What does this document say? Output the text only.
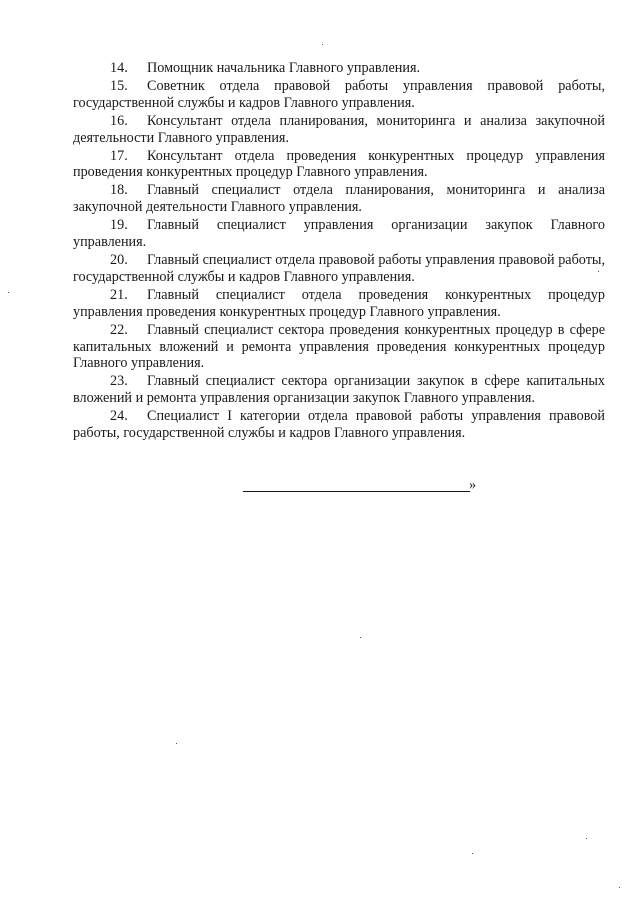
14. Помощник начальника Главного управления.

15. Советник отдела правовой работы управления правовой работы, государственной службы и кадров Главного управления.

16. Консультант отдела планирования, мониторинга и анализа закупочной деятельности Главного управления.

17. Консультант отдела проведения конкурентных процедур управления проведения конкурентных процедур Главного управления.

18. Главный специалист отдела планирования, мониторинга и анализа закупочной деятельности Главного управления.

19. Главный специалист управления организации закупок Главного управления.

20. Главный специалист отдела правовой работы управления правовой работы, государственной службы и кадров Главного управления.

21. Главный специалист отдела проведения конкурентных процедур управления проведения конкурентных процедур Главного управления.

22. Главный специалист сектора проведения конкурентных процедур в сфере капитальных вложений и ремонта управления проведения конкурентных процедур Главного управления.

23. Главный специалист сектора организации закупок в сфере капитальных вложений и ремонта управления организации закупок Главного управления.

24. Специалист I категории отдела правовой работы управления правовой работы, государственной службы и кадров Главного управления.

»
